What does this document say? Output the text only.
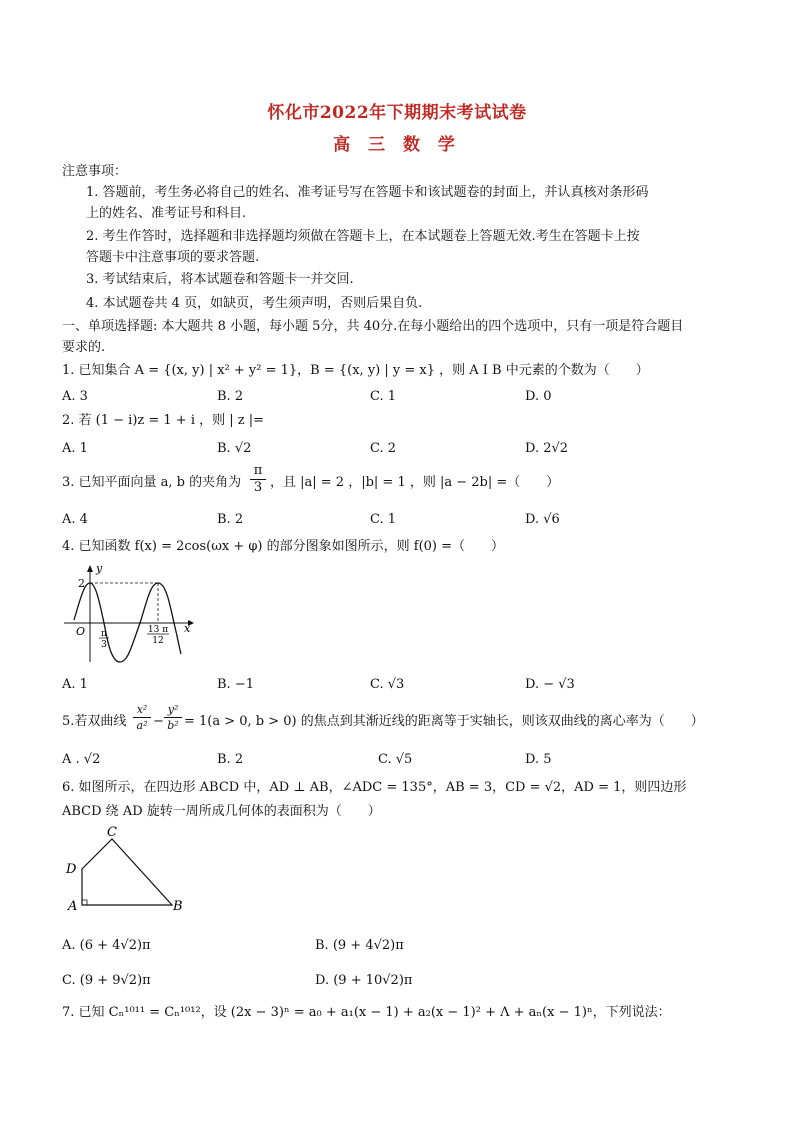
怀化市2022年下期期末考试试卷
高 三 数 学
注意事项：
1. 答题前，考生务必将自己的姓名、准考证号写在答题卡和该试题卷的封面上，并认真核对条形码
上的姓名、准考证号和科目.
2. 考生作答时，选择题和非选择题均须做在答题卡上，在本试题卷上答题无效.考生在答题卡上按
答题卡中注意事项的要求答题.
3. 考试结束后，将本试题卷和答题卡一并交回.
4. 本试题卷共 4 页，如缺页，考生须声明，否则后果自负.
一、单项选择题: 本大题共 8 小题，每小题 5分，共 40分.在每小题给出的四个选项中，只有一项是符合题目
要求的.
1. 已知集合 A = {(x, y) | x² + y² = 1}，B = {(x, y) | y = x} ，则 A I B 中元素的个数为（　　）
A. 3	B. 2	C. 1	D. 0
2. 若 (1 − i)z = 1 + i ，则 | z |=
A. 1	B. √2	C. 2	D. 2√2
3. 已知平面向量 a, b 的夹角为 $\frac{\pi}{3}$ ，且 |a| = 2 ，|b| = 1 ，则 |a − 2b| =（　　）
A. 4	B. 2	C. 1	D. √6
4. 已知函数 f(x) = 2cos(ωx + φ) 的部分图象如图所示，则 f(0) =（　　）
y
x
O
2
π
3
13 π
12
A. 1	B. −1	C. √3	D. − √3
5.若双曲线 $\frac{\text{x²}}{\text{a²}} - \frac{\text{y²}}{\text{b²}} = 1(a > 0$, b > 0) 的焦点到其渐近线的距离等于实轴长，则该双曲线的离心率为（　　）
A . √2	B. 2	C. √5	D. 5
6. 如图所示，在四边形 ABCD 中，AD ⊥ AB，∠ADC = 135°，AB = 3，CD = √2，AD = 1，则四边形
ABCD 绕 AD 旋转一周所成几何体的表面积为（　　）
C
D
A	B
A. (6 + 4√2)π	B. (9 + 4√2)π
C. (9 + 9√2)π	D. (9 + 10√2)π
7. 已知 Cₙ¹⁰¹¹ = Cₙ¹⁰¹²，设 (2x − 3)ⁿ = a₀ + a₁(x − 1) + a₂(x − 1)² + Λ + aₙ(x − 1)ⁿ，下列说法：
